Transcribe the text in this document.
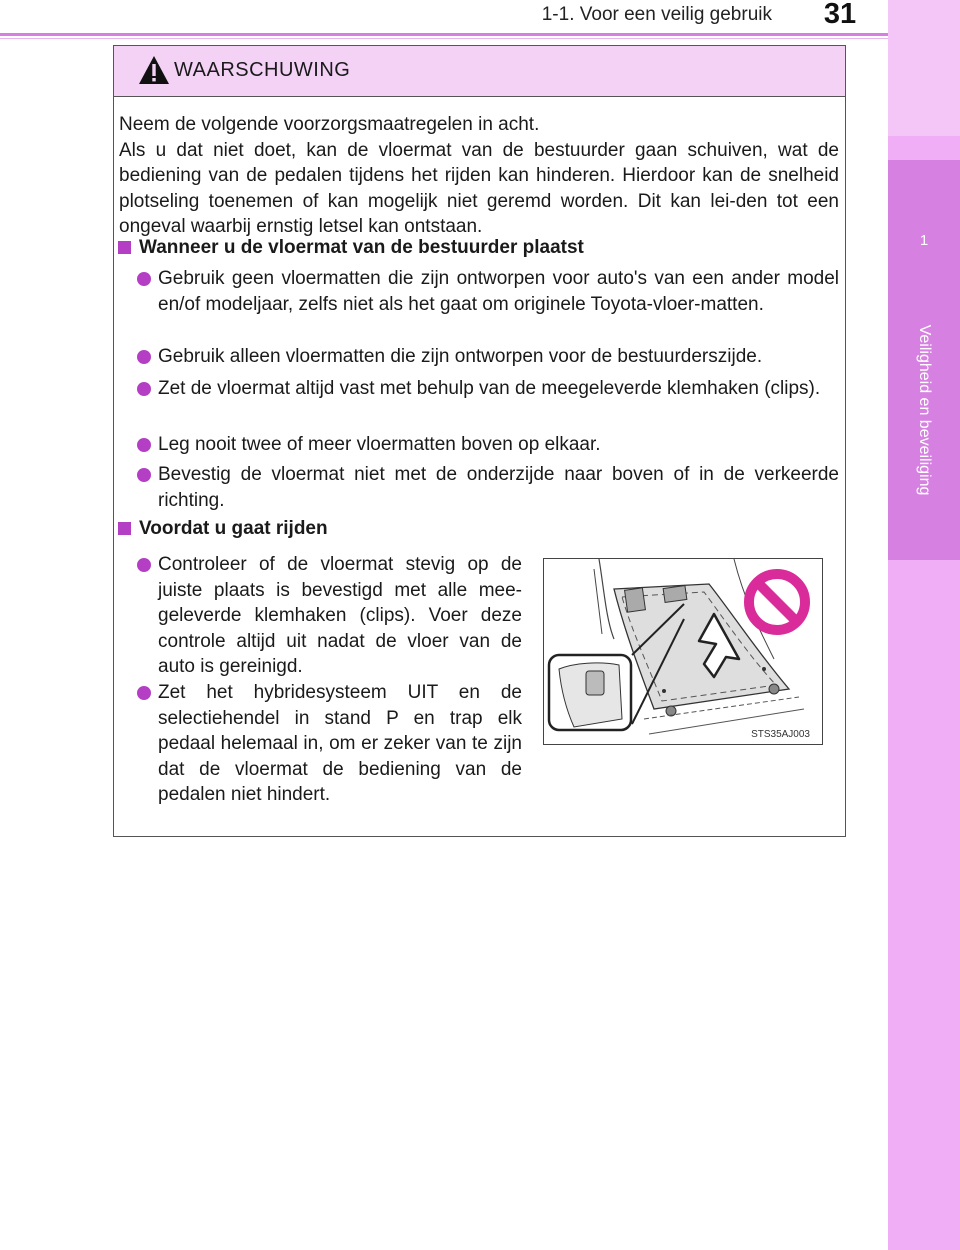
1-1. Voor een veilig gebruik	31
1
Veiligheid en beveiliging
WAARSCHUWING

Neem de volgende voorzorgsmaatregelen in acht.

Als u dat niet doet, kan de vloermat van de bestuurder gaan schuiven, wat de bediening van de pedalen tijdens het rijden kan hinderen. Hierdoor kan de snelheid plotseling toenemen of kan mogelijk niet geremd worden. Dit kan lei-den tot een ongeval waarbij ernstig letsel kan ontstaan.

Wanneer u de vloermat van de bestuurder plaatst
Gebruik geen vloermatten die zijn ontworpen voor auto's van een ander model en/of modeljaar, zelfs niet als het gaat om originele Toyota-vloer-matten.
Gebruik alleen vloermatten die zijn ontworpen voor de bestuurderszijde.
Zet de vloermat altijd vast met behulp van de meegeleverde klemhaken (clips).
Leg nooit twee of meer vloermatten boven op elkaar.
Bevestig de vloermat niet met de onderzijde naar boven of in de verkeerde richting.
Voordat u gaat rijden
Controleer of de vloermat stevig op de juiste plaats is bevestigd met alle mee-geleverde klemhaken (clips). Voer deze controle altijd uit nadat de vloer van de auto is gereinigd.
Zet het hybridesysteem UIT en de selectiehendel in stand P en trap elk pedaal helemaal in, om er zeker van te zijn dat de vloermat de bediening van de pedalen niet hindert.
STS35AJ003
